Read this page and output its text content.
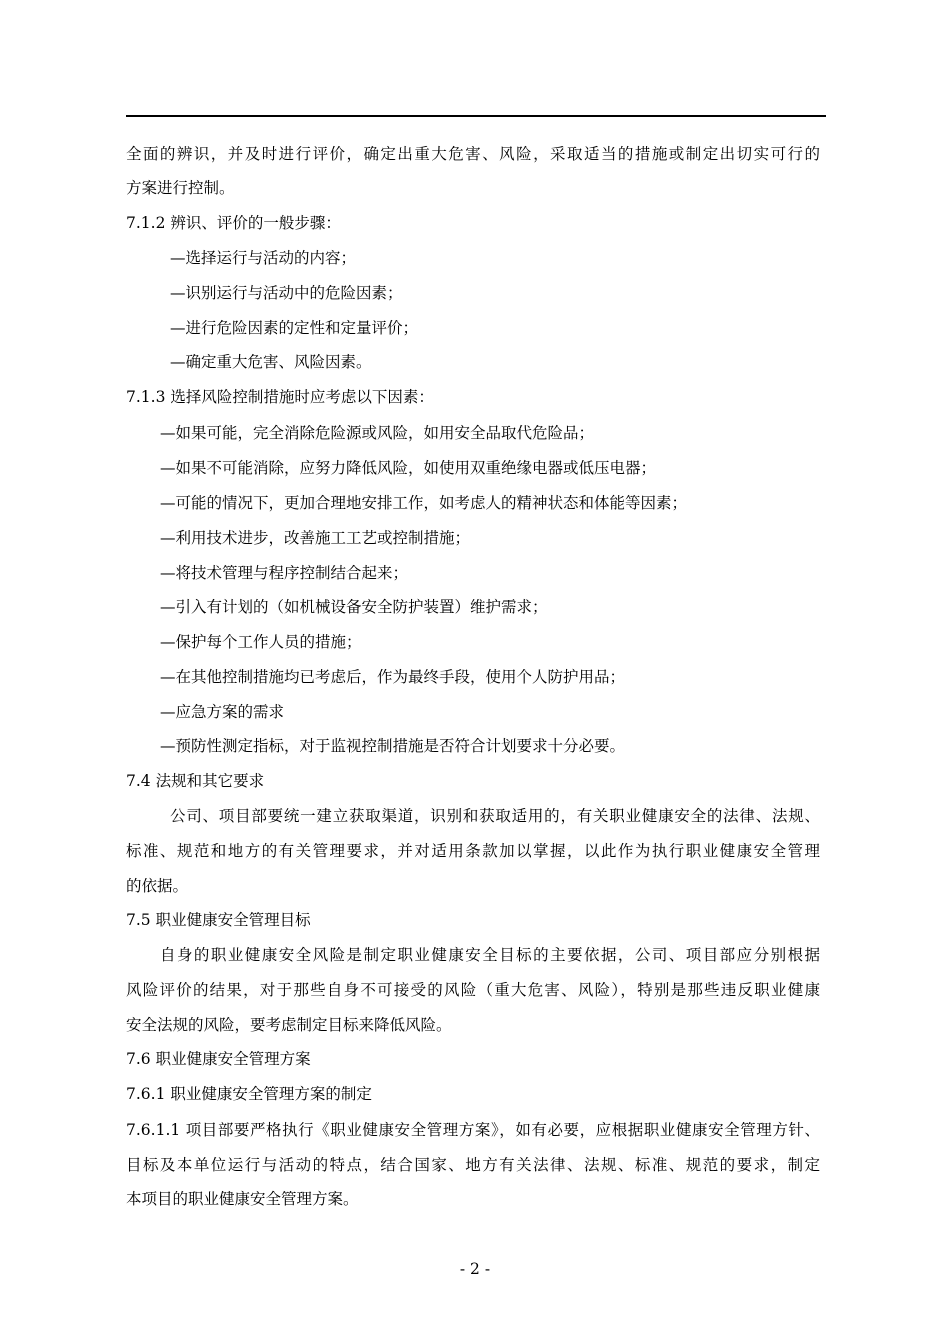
全面的辨识，并及时进行评价，确定出重大危害、风险，采取适当的措施或制定出切实可行的
方案进行控制。
7.1.2 辨识、评价的一般步骤：
—选择运行与活动的内容；
—识别运行与活动中的危险因素；
—进行危险因素的定性和定量评价；
—确定重大危害、风险因素。
7.1.3 选择风险控制措施时应考虑以下因素：
—如果可能，完全消除危险源或风险，如用安全品取代危险品；
—如果不可能消除，应努力降低风险，如使用双重绝缘电器或低压电器；
—可能的情况下，更加合理地安排工作，如考虑人的精神状态和体能等因素；
—利用技术进步，改善施工工艺或控制措施；
—将技术管理与程序控制结合起来；
—引入有计划的（如机械设备安全防护装置）维护需求；
—保护每个工作人员的措施；
—在其他控制措施均已考虑后，作为最终手段，使用个人防护用品；
—应急方案的需求
—预防性测定指标，对于监视控制措施是否符合计划要求十分必要。
7.4 法规和其它要求
公司、项目部要统一建立获取渠道，识别和获取适用的，有关职业健康安全的法律、法规、
标准、规范和地方的有关管理要求，并对适用条款加以掌握，以此作为执行职业健康安全管理
的依据。
7.5 职业健康安全管理目标
自身的职业健康安全风险是制定职业健康安全目标的主要依据，公司、项目部应分别根据
风险评价的结果，对于那些自身不可接受的风险（重大危害、风险），特别是那些违反职业健康
安全法规的风险，要考虑制定目标来降低风险。
7.6 职业健康安全管理方案
7.6.1 职业健康安全管理方案的制定
7.6.1.1 项目部要严格执行《职业健康安全管理方案》，如有必要，应根据职业健康安全管理方针、
目标及本单位运行与活动的特点，结合国家、地方有关法律、法规、标准、规范的要求，制定
本项目的职业健康安全管理方案。
- 2 -
